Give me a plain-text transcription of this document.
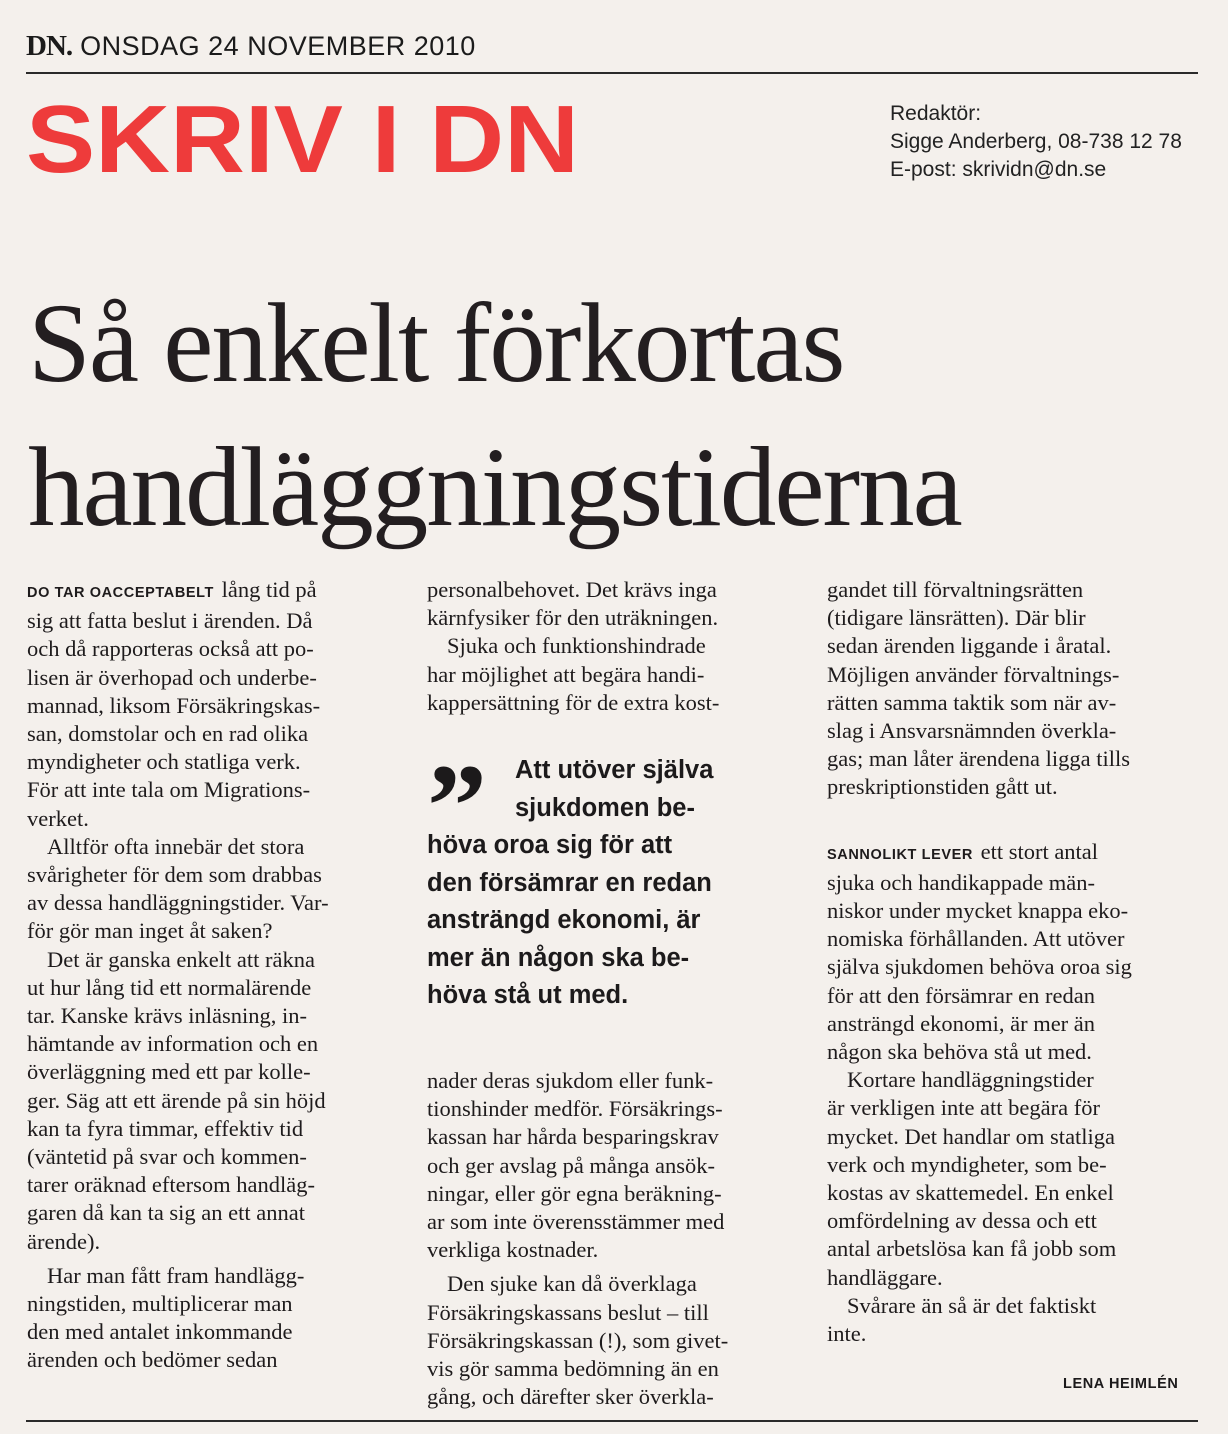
DN. ONSDAG 24 NOVEMBER 2010
SKRIV I DN	Redaktör:
Sigge Anderberg, 08-738 12 78
E-post: skrividn@dn.se
Så enkelt förkortas
handläggningstiderna
DO TAR OACCEPTABELT lång tid på
sig att fatta beslut i ärenden. Då
och då rapporteras också att po-
lisen är överhopad och underbe-
mannad, liksom Försäkringskas-
san, domstolar och en rad olika
myndigheter och statliga verk.
För att inte tala om Migrations-
verket.
Alltför ofta innebär det stora
svårigheter för dem som drabbas
av dessa handläggningstider. Var-
för gör man inget åt saken?
Det är ganska enkelt att räkna
ut hur lång tid ett normalärende
tar. Kanske krävs inläsning, in-
hämtande av information och en
överläggning med ett par kolle-
ger. Säg att ett ärende på sin höjd
kan ta fyra timmar, effektiv tid
(väntetid på svar och kommen-
tarer oräknad eftersom handläg-
garen då kan ta sig an ett annat
ärende).
Har man fått fram handlägg-
ningstiden, multiplicerar man
den med antalet inkommande
ärenden och bedömer sedan
personalbehovet. Det krävs inga
kärnfysiker för den uträkningen.
Sjuka och funktionshindrade
har möjlighet att begära handi-
kappersättning för de extra kost-
”	Att utöver själva
sjukdomen be-
höva oroa sig för att
den försämrar en redan
ansträngd ekonomi, är
mer än någon ska be-
höva stå ut med.
nader deras sjukdom eller funk-
tionshinder medför. Försäkrings-
kassan har hårda besparingskrav
och ger avslag på många ansök-
ningar, eller gör egna beräkning-
ar som inte överensstämmer med
verkliga kostnader.
Den sjuke kan då överklaga
Försäkringskassans beslut – till
Försäkringskassan (!), som givet-
vis gör samma bedömning än en
gång, och därefter sker överkla-
gandet till förvaltningsrätten
(tidigare länsrätten). Där blir
sedan ärenden liggande i åratal.
Möjligen använder förvaltnings-
rätten samma taktik som när av-
slag i Ansvarsnämnden överkla-
gas; man låter ärendena ligga tills
preskriptionstiden gått ut.
SANNOLIKT LEVER ett stort antal
sjuka och handikappade män-
niskor under mycket knappa eko-
nomiska förhållanden. Att utöver
själva sjukdomen behöva oroa sig
för att den försämrar en redan
ansträngd ekonomi, är mer än
någon ska behöva stå ut med.
Kortare handläggningstider
är verkligen inte att begära för
mycket. Det handlar om statliga
verk och myndigheter, som be-
kostas av skattemedel. En enkel
omfördelning av dessa och ett
antal arbetslösa kan få jobb som
handläggare.
Svårare än så är det faktiskt
inte.
LENA HEIMLÉN
